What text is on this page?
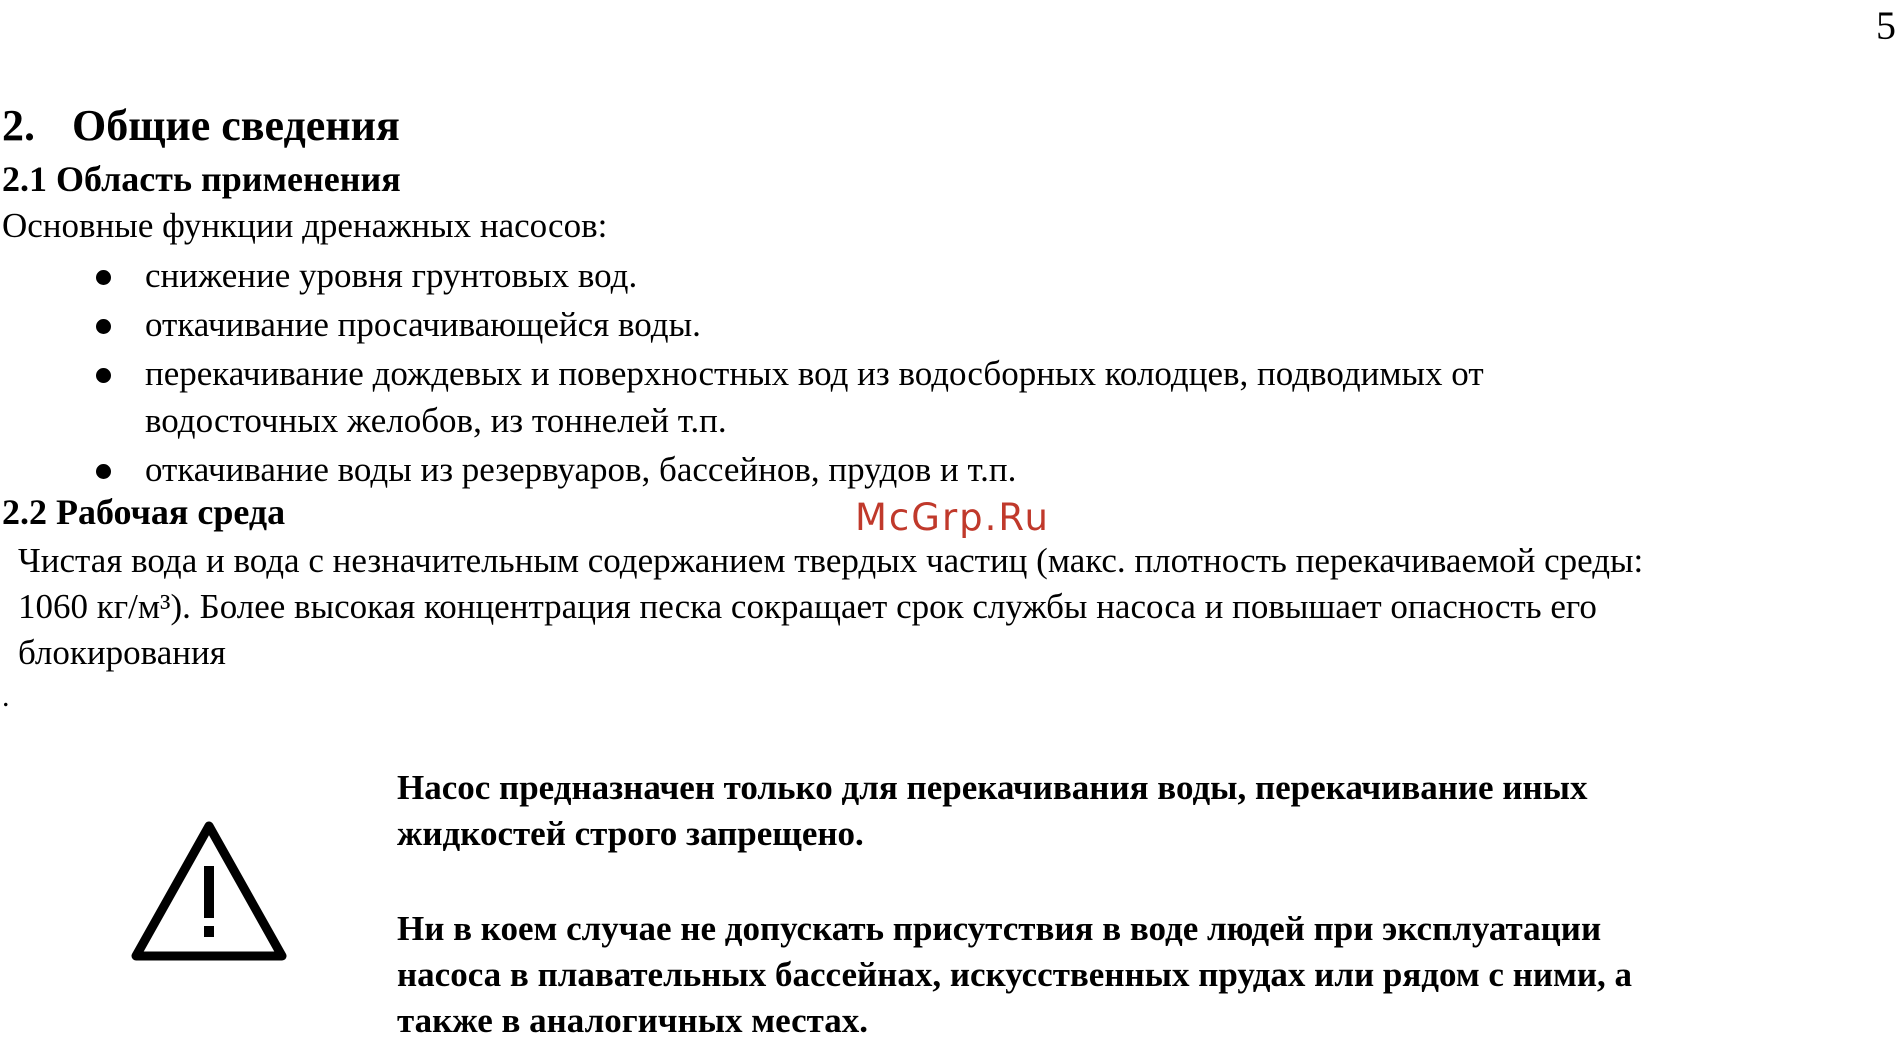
5
2. Общие сведения
2.1 Область применения
Основные функции дренажных насосов:
снижение уровня грунтовых вод.
откачивание просачивающейся воды.
перекачивание дождевых и поверхностных вод из водосборных колодцев, подводимых от
водосточных желобов, из тоннелей т.п.
откачивание воды из резервуаров, бассейнов, прудов и т.п.
2.2 Рабочая среда	McGrp.Ru
Чистая вода и вода с незначительным содержанием твердых частиц (макс. плотность перекачиваемой среды:
1060 кг/м³). Более высокая концентрация песка сокращает срок службы насоса и повышает опасность его
блокирования
.
Насос предназначен только для перекачивания воды, перекачивание иных
жидкостей строго запрещено.
Ни в коем случае не допускать присутствия в воде людей при эксплуатации
насоса в плавательных бассейнах, искусственных прудах или рядом с ними, а
также в аналогичных местах.
